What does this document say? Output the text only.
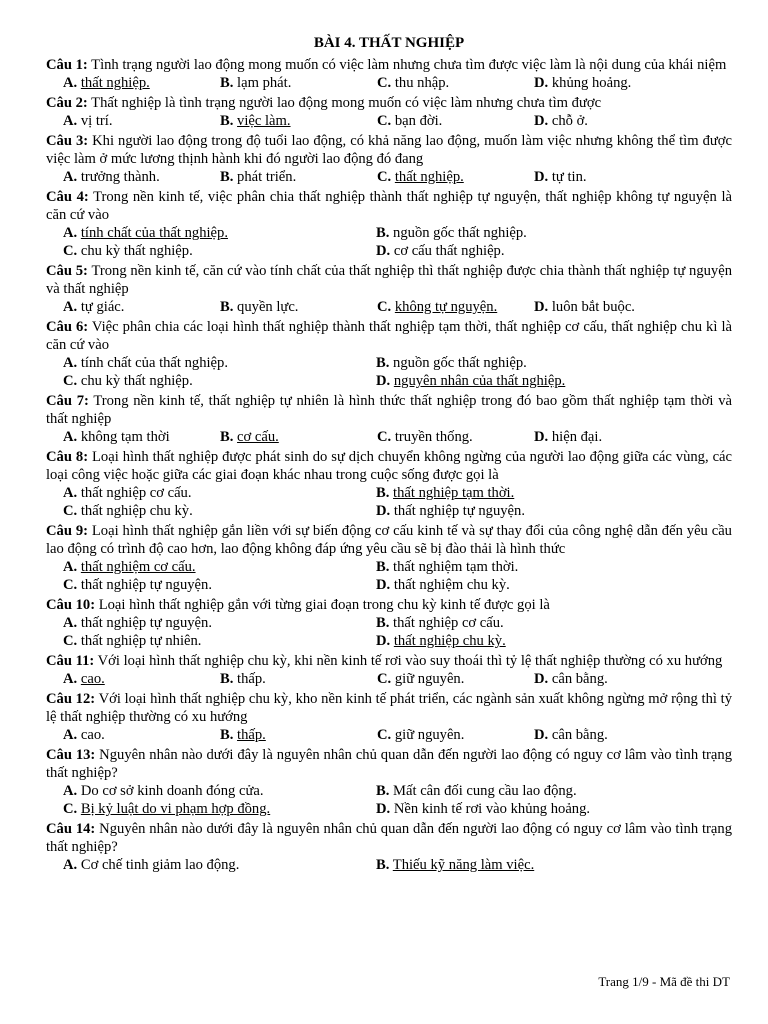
BÀI 4. THẤT NGHIỆP
Câu 1: Tình trạng người lao động mong muốn có việc làm nhưng chưa tìm được việc làm là nội dung của khái niệm
A. thất nghiệp.	B. lạm phát.	C. thu nhập.	D. khủng hoảng.
Câu 2: Thất nghiệp là tình trạng người lao động mong muốn có việc làm nhưng chưa tìm được
A. vị trí.	B. việc làm.	C. bạn đời.	D. chỗ ở.
Câu 3: Khi người lao động trong độ tuổi lao động, có khả năng lao động, muốn làm việc nhưng không thể tìm được việc làm ở mức lương thịnh hành khi đó người lao động đó đang
A. trưởng thành.	B. phát triển.	C. thất nghiệp.	D. tự tin.
Câu 4: Trong nền kinh tế, việc phân chia thất nghiệp thành thất nghiệp tự nguyện, thất nghiệp không tự nguyện là căn cứ vào
A. tính chất của thất nghiệp.	B. nguồn gốc thất nghiệp.
C. chu kỳ thất nghiệp.	D. cơ cấu thất nghiệp.
Câu 5: Trong nền kinh tế, căn cứ vào tính chất của thất nghiệp thì thất nghiệp được chia thành thất nghiệp tự nguyện và thất nghiệp
A. tự giác.	B. quyền lực.	C. không tự nguyện.	D. luôn bắt buộc.
Câu 6: Việc phân chia các loại hình thất nghiệp thành thất nghiệp tạm thời, thất nghiệp cơ cấu, thất nghiệp chu kì là căn cứ vào
A. tính chất của thất nghiệp.	B. nguồn gốc thất nghiệp.
C. chu kỳ thất nghiệp.	D. nguyên nhân của thất nghiệp.
Câu 7: Trong nền kinh tế, thất nghiệp tự nhiên là hình thức thất nghiệp trong đó bao gồm thất nghiệp tạm thời và thất nghiệp
A. không tạm thời	B. cơ cấu.	C. truyền thống.	D. hiện đại.
Câu 8: Loại hình thất nghiệp được phát sinh do sự dịch chuyển không ngừng của người lao động giữa các vùng, các loại công việc hoặc giữa các giai đoạn khác nhau trong cuộc sống được gọi là
A. thất nghiệp cơ cấu.	B. thất nghiệp tạm thời.
C. thất nghiệp chu kỳ.	D. thất nghiệp tự nguyện.
Câu 9: Loại hình thất nghiệp gắn liền với sự biến động cơ cấu kinh tế và sự thay đổi của công nghệ dẫn đến yêu cầu lao động có trình độ cao hơn, lao động không đáp ứng yêu cầu sẽ bị đào thải là hình thức
A. thất nghiệm cơ cấu.	B. thất nghiệm tạm thời.
C. thất nghiệp tự nguyện.	D. thất nghiệm chu kỳ.
Câu 10: Loại hình thất nghiệp gắn với từng giai đoạn trong chu kỳ kinh tế được gọi là
A. thất nghiệp tự nguyện.	B. thất nghiệp cơ cấu.
C. thất nghiệp tự nhiên.	D. thất nghiệp chu kỳ.
Câu 11: Với loại hình thất nghiệp chu kỳ, khi nền kinh tế rơi vào suy thoái thì tỷ lệ thất nghiệp thường có xu hướng
A. cao.	B. thấp.	C. giữ nguyên.	D. cân bằng.
Câu 12: Với loại hình thất nghiệp chu kỳ, kho nền kinh tế phát triển, các ngành sản xuất không ngừng mở rộng thì tỷ lệ thất nghiệp thường có xu hướng
A. cao.	B. thấp.	C. giữ nguyên.	D. cân bằng.
Câu 13: Nguyên nhân nào dưới đây là nguyên nhân chủ quan dẫn đến người lao động có nguy cơ lâm vào tình trạng thất nghiệp?
A. Do cơ sở kinh doanh đóng cửa.	B. Mất cân đối cung cầu lao động.
C. Bị kỷ luật do vi phạm hợp đồng.	D. Nền kinh tế rơi vào khủng hoảng.
Câu 14: Nguyên nhân nào dưới đây là nguyên nhân chủ quan dẫn đến người lao động có nguy cơ lâm vào tình trạng thất nghiệp?
A. Cơ chế tinh giảm lao động.	B. Thiếu kỹ năng làm việc.
Trang 1/9 - Mã đề thi DT
